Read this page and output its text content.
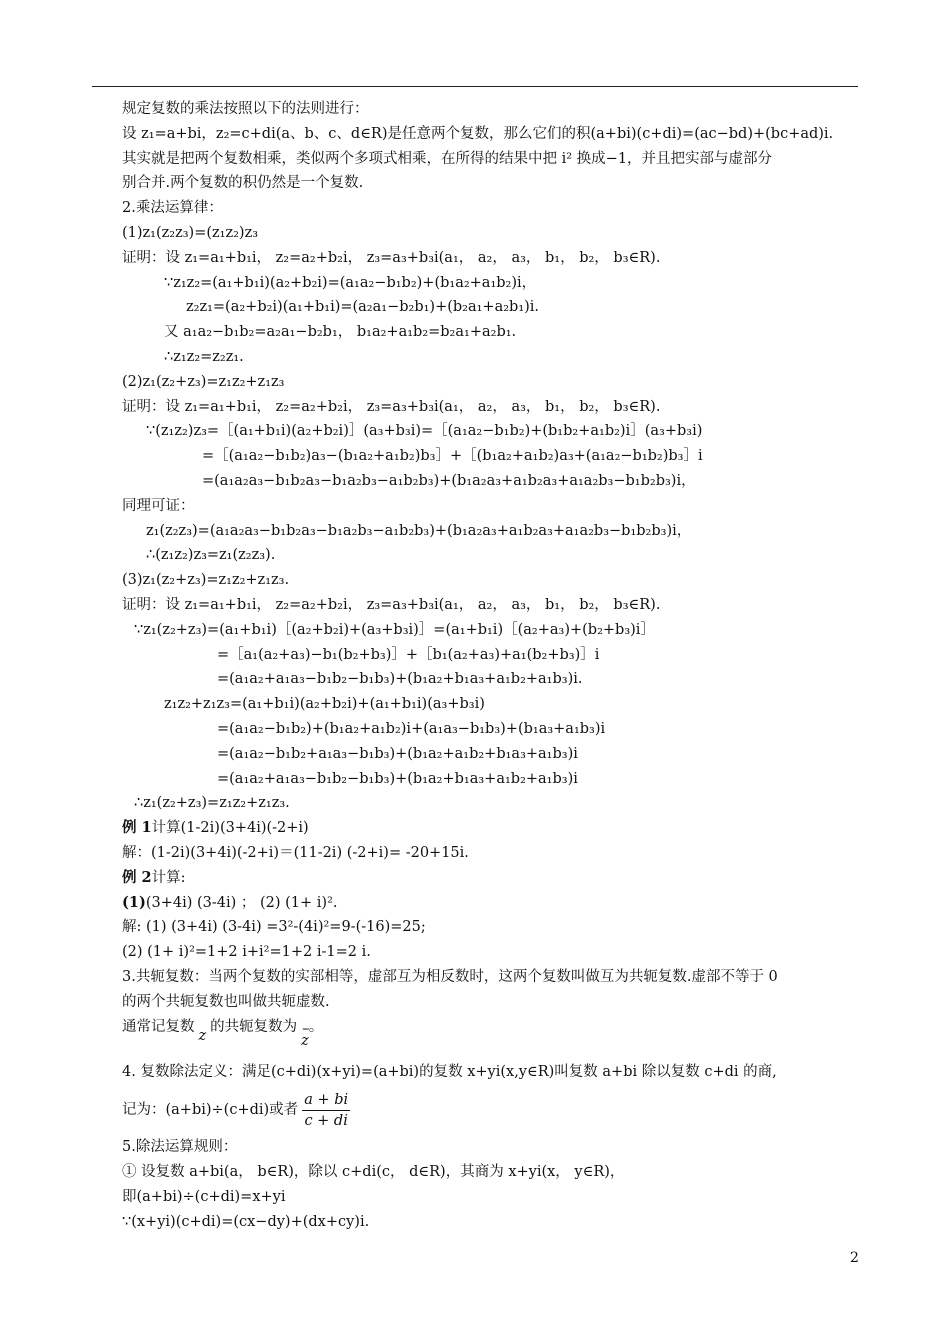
规定复数的乘法按照以下的法则进行：
设 z₁=a+bi，z₂=c+di(a、b、c、d∈R)是任意两个复数，那么它们的积(a+bi)(c+di)=(ac−bd)+(bc+ad)i.
其实就是把两个复数相乘，类似两个多项式相乘，在所得的结果中把 i² 换成−1，并且把实部与虚部分
别合并.两个复数的积仍然是一个复数.
2.乘法运算律：
(1)z₁(z₂z₃)=(z₁z₂)z₃
证明：设 z₁=a₁+b₁i， z₂=a₂+b₂i， z₃=a₃+b₃i(a₁， a₂， a₃， b₁， b₂， b₃∈R).
∵z₁z₂=(a₁+b₁i)(a₂+b₂i)=(a₁a₂−b₁b₂)+(b₁a₂+a₁b₂)i，
z₂z₁=(a₂+b₂i)(a₁+b₁i)=(a₂a₁−b₂b₁)+(b₂a₁+a₂b₁)i.
又 a₁a₂−b₁b₂=a₂a₁−b₂b₁， b₁a₂+a₁b₂=b₂a₁+a₂b₁.
∴z₁z₂=z₂z₁.
(2)z₁(z₂+z₃)=z₁z₂+z₁z₃
证明：设 z₁=a₁+b₁i， z₂=a₂+b₂i， z₃=a₃+b₃i(a₁， a₂， a₃， b₁， b₂， b₃∈R).
∵(z₁z₂)z₃=［(a₁+b₁i)(a₂+b₂i)］(a₃+b₃i)=［(a₁a₂−b₁b₂)+(b₁b₂+a₁b₂)i］(a₃+b₃i)
=［(a₁a₂−b₁b₂)a₃−(b₁a₂+a₁b₂)b₃］+［(b₁a₂+a₁b₂)a₃+(a₁a₂−b₁b₂)b₃］i
=(a₁a₂a₃−b₁b₂a₃−b₁a₂b₃−a₁b₂b₃)+(b₁a₂a₃+a₁b₂a₃+a₁a₂b₃−b₁b₂b₃)i，
同理可证：
z₁(z₂z₃)=(a₁a₂a₃−b₁b₂a₃−b₁a₂b₃−a₁b₂b₃)+(b₁a₂a₃+a₁b₂a₃+a₁a₂b₃−b₁b₂b₃)i，
∴(z₁z₂)z₃=z₁(z₂z₃).
(3)z₁(z₂+z₃)=z₁z₂+z₁z₃.
证明：设 z₁=a₁+b₁i， z₂=a₂+b₂i， z₃=a₃+b₃i(a₁， a₂， a₃， b₁， b₂， b₃∈R).
∵z₁(z₂+z₃)=(a₁+b₁i)［(a₂+b₂i)+(a₃+b₃i)］=(a₁+b₁i)［(a₂+a₃)+(b₂+b₃)i］
=［a₁(a₂+a₃)−b₁(b₂+b₃)］+［b₁(a₂+a₃)+a₁(b₂+b₃)］i
=(a₁a₂+a₁a₃−b₁b₂−b₁b₃)+(b₁a₂+b₁a₃+a₁b₂+a₁b₃)i.
z₁z₂+z₁z₃=(a₁+b₁i)(a₂+b₂i)+(a₁+b₁i)(a₃+b₃i)
=(a₁a₂−b₁b₂)+(b₁a₂+a₁b₂)i+(a₁a₃−b₁b₃)+(b₁a₃+a₁b₃)i
=(a₁a₂−b₁b₂+a₁a₃−b₁b₃)+(b₁a₂+a₁b₂+b₁a₃+a₁b₃)i
=(a₁a₂+a₁a₃−b₁b₂−b₁b₃)+(b₁a₂+b₁a₃+a₁b₂+a₁b₃)i
∴z₁(z₂+z₃)=z₁z₂+z₁z₃.
例 1计算(1-2i)(3+4i)(-2+i)
解：(1-2i)(3+4i)(-2+i)＝(11-2i) (-2+i)= -20+15i.
例 2计算:
(1)(3+4i) (3-4i) ； (2) (1+ i)².
解: (1) (3+4i) (3-4i) =3²-(4i)²=9-(-16)=25;
(2) (1+ i)²=1+2 i+i²=1+2 i-1=2 i.
3.共轭复数：当两个复数的实部相等，虚部互为相反数时，这两个复数叫做互为共轭复数.虚部不等于 0
的两个共轭复数也叫做共轭虚数.
通常记复数z的共轭复数为 –
z。
4. 复数除法定义：满足(c+di)(x+yi)=(a+bi)的复数 x+yi(x,y∈R)叫复数 a+bi 除以复数 c+di 的商,
记为：(a+bi)÷(c+di)或者 $\frac{a + bi}{c + di}$
5.除法运算规则：
① 设复数 a+bi(a， b∈R)，除以 c+di(c， d∈R)，其商为 x+yi(x， y∈R)，
即(a+bi)÷(c+di)=x+yi
∵(x+yi)(c+di)=(cx−dy)+(dx+cy)i.
2
